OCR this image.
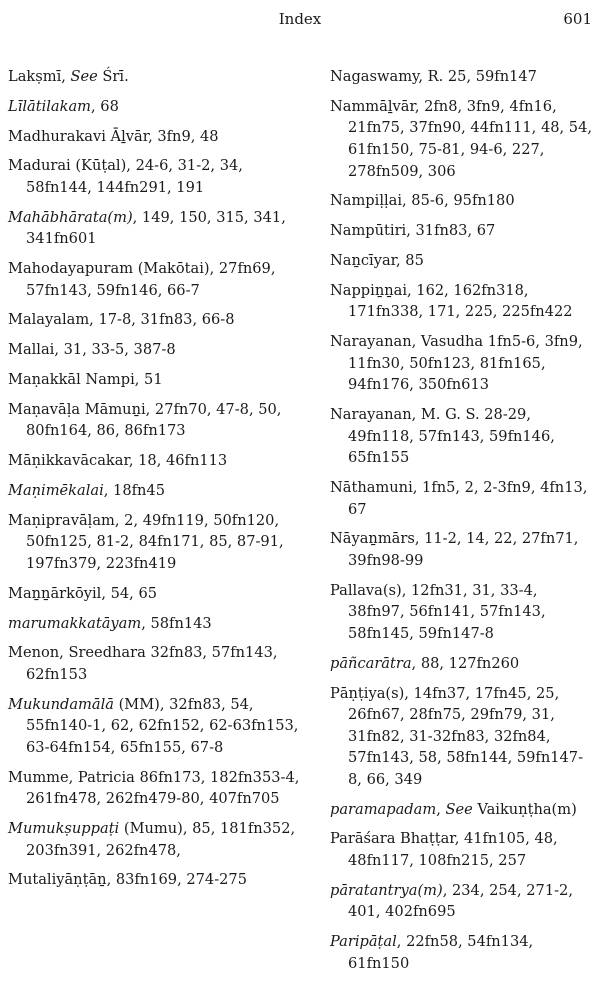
Index	601

Lakṣmī, See Śrī.

Līlātilakam, 68

Madhurakavi Āḻvār, 3fn9, 48

Madurai (Kūṭal), 24-6, 31-2, 34, 58fn144, 144fn291, 191

Mahābhārata(m), 149, 150, 315, 341, 341fn601

Mahodayapuram (Makōtai), 27fn69, 57fn143, 59fn146, 66-7

Malayalam, 17-8, 31fn83, 66-8

Mallai, 31, 33-5, 387-8

Maṇakkāl Nampi, 51

Maṇavāḷa Māmuṉi, 27fn70, 47-8, 50, 80fn164, 86, 86fn173

Māṇikkavācakar, 18, 46fn113

Maṇimēkalai, 18fn45

Maṇipravāḷam, 2, 49fn119, 50fn120, 50fn125, 81-2, 84fn171, 85, 87-91, 197fn379, 223fn419

Maṉṉārkōyil, 54, 65

marumakkatāyam, 58fn143

Menon, Sreedhara 32fn83, 57fn143, 62fn153

Mukundamālā (MM), 32fn83, 54, 55fn140-1, 62, 62fn152, 62-63fn153, 63-64fn154, 65fn155, 67-8

Mumme, Patricia 86fn173, 182fn353-4, 261fn478, 262fn479-80, 407fn705

Mumukṣuppaṭi (Mumu), 85, 181fn352, 203fn391, 262fn478,

Mutaliyāṇṭāṉ, 83fn169, 274-275

Nagaswamy, R. 25, 59fn147

Nammāḻvār, 2fn8, 3fn9, 4fn16, 21fn75, 37fn90, 44fn111, 48, 54, 61fn150, 75-81, 94-6, 227, 278fn509, 306

Nampiḷḷai, 85-6, 95fn180

Nampūtiri, 31fn83, 67

Naṉcīyar, 85

Nappiṉṉai, 162, 162fn318, 171fn338, 171, 225, 225fn422

Narayanan, Vasudha 1fn5-6, 3fn9, 11fn30, 50fn123, 81fn165, 94fn176, 350fn613

Narayanan, M. G. S. 28-29, 49fn118, 57fn143, 59fn146, 65fn155

Nāthamuni, 1fn5, 2, 2-3fn9, 4fn13, 67

Nāyaṉmārs, 11-2, 14, 22, 27fn71, 39fn98-99

Pallava(s), 12fn31, 31, 33-4, 38fn97, 56fn141, 57fn143, 58fn145, 59fn147-8

pāñcarātra, 88, 127fn260

Pāṇṭiya(s), 14fn37, 17fn45, 25, 26fn67, 28fn75, 29fn79, 31, 31fn82, 31-32fn83, 32fn84, 57fn143, 58, 58fn144, 59fn147-8, 66, 349

paramapadam, See Vaikuṇṭha(m)

Parāśara Bhaṭṭar, 41fn105, 48, 48fn117, 108fn215, 257

pāratantrya(m), 234, 254, 271-2, 401, 402fn695

Paripāṭal, 22fn58, 54fn134, 61fn150
